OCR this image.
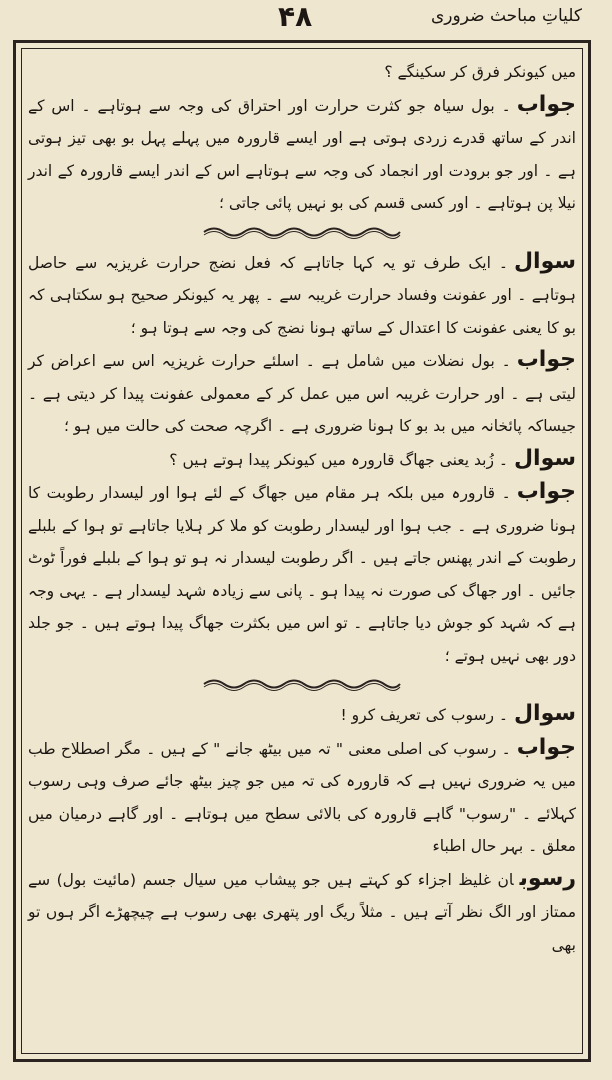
۴۸	کلیاتِ مباحث ضروری

میں کیونکر فرق کر سکینگے ؟

جواب۔ بول سیاہ جو کثرت حرارت اور احتراق کی وجہ سے ہوتاہے ۔ اس کے اندر کے ساتھ قدرے زردی ہوتی ہے اور ایسے قارورہ میں پہلے پہل بو بھی تیز ہوتی ہے ۔ اور جو برودت اور انجماد کی وجہ سے ہوتاہے اس کے اندر ایسے قارورہ کے اندر نیلا پن ہوتاہے ۔ اور کسی قسم کی بو نہیں پائی جاتی ؛

سوال۔ ایک طرف تو یہ کہا جاتاہے کہ فعل نضج حرارت غریزیہ سے حاصل ہوتاہے ۔ اور عفونت وفساد حرارت غریبہ سے ۔ پھر یہ کیونکر صحیح ہو سکتاہی کہ بو کا یعنی عفونت کا اعتدال کے ساتھ ہونا نضج کی وجہ سے ہوتا ہو ؛

جواب۔ بول نضلات میں شامل ہے ۔ اسلئے حرارت غریزیہ اس سے اعراض کر لیتی ہے ۔ اور حرارت غریبہ اس میں عمل کر کے معمولی عفونت پیدا کر دیتی ہے ۔ جیساکہ پائخانہ میں بد بو کا ہونا ضروری ہے ۔ اگرچہ صحت کی حالت میں ہو ؛

سوال۔ زُبد یعنی جھاگ قارورہ میں کیونکر پیدا ہوتے ہیں ؟

جواب۔ قارورہ میں بلکہ ہر مقام میں جھاگ کے لئے ہوا اور لیسدار رطوبت کا ہونا ضروری ہے ۔ جب ہوا اور لیسدار رطوبت کو ملا کر ہلایا جاتاہے تو ہوا کے بلبلے رطوبت کے اندر پھنس جاتے ہیں ۔ اگر رطوبت لیسدار نہ ہو تو ہوا کے بلبلے فوراً ٹوٹ جائیں ۔ اور جھاگ کی صورت نہ پیدا ہو ۔ پانی سے زیادہ شہد لیسدار ہے ۔ یہی وجہ ہے کہ شہد کو جوش دیا جاتاہے ۔ تو اس میں بکثرت جھاگ پیدا ہوتے ہیں ۔ جو جلد دور بھی نہیں ہوتے ؛

سوال۔ رسوب کی تعریف کرو !

جواب۔ رسوب کی اصلی معنی " تہ میں بیٹھ جانے " کے ہیں ۔ مگر اصطلاح طب میں یہ ضروری نہیں ہے کہ قارورہ کی تہ میں جو چیز بیٹھ جائے صرف وہی رسوب کہلائے ۔ "رسوب" گاہے قارورہ کی بالائی سطح میں ہوتاہے ۔ اور گاہے درمیان میں معلق ۔ بہر حال اطباء

رسوبان غلیظ اجزاء کو کہتے ہیں جو پیشاب میں سیال جسم (مائیت بول) سے ممتاز اور الگ نظر آتے ہیں ۔ مثلاً ریگ اور پتھری بھی رسوب ہے چیچھڑے اگر ہوں تو بھی
